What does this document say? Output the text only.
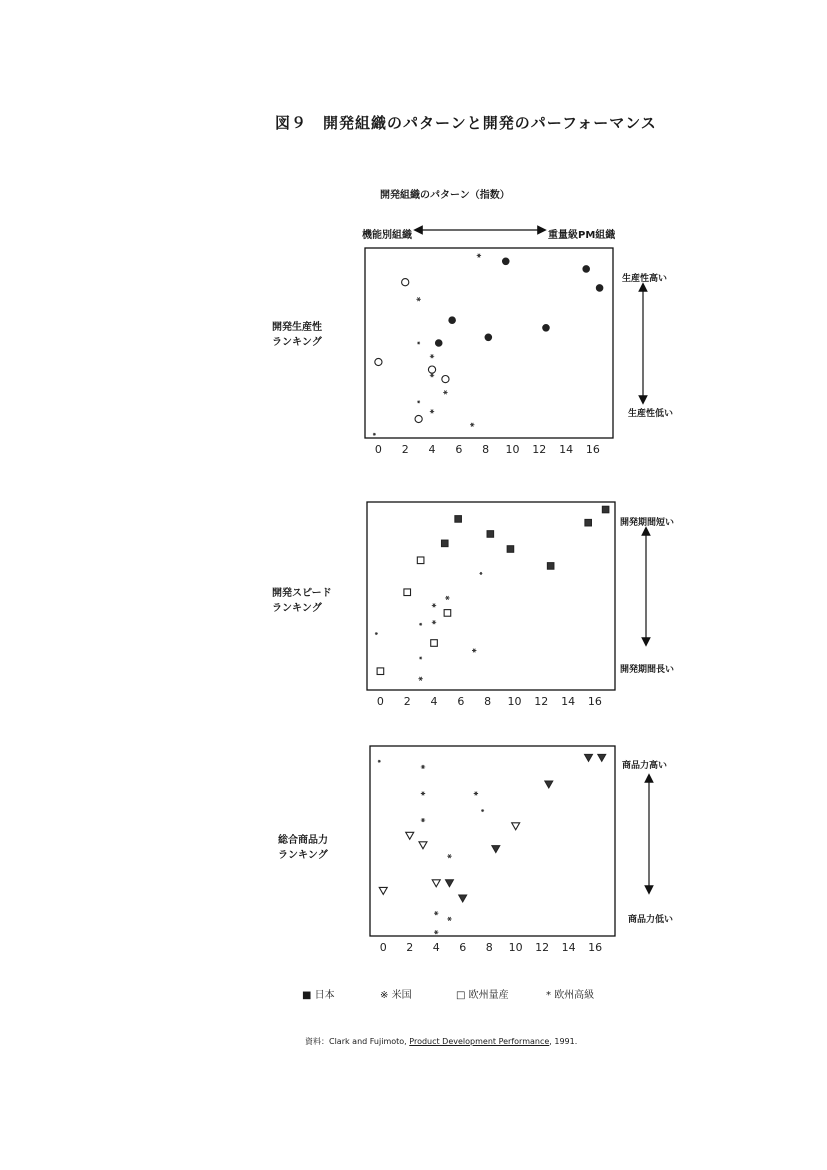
図９　開発組織のパターンと開発のパーフォーマンス
開発組織のパターン（指数）
機能別組織	重量級PM組織
開発生産性
ランキング
開発スピード
ランキング
総合商品力
ランキング
生産性高い
生産性低い
開発期間短い
開発期間長い
商品力高い
商品力低い
■ 日本	※ 米国	□ 欧州量産	* 欧州高級
資料：Clark and Fujimoto, Product Development Performance, 1991.
0 2 4 6 8 10 12 14 16
0 2 4 6 8 10 12 14 16
0 2 4 6 8 10 12 14 16
